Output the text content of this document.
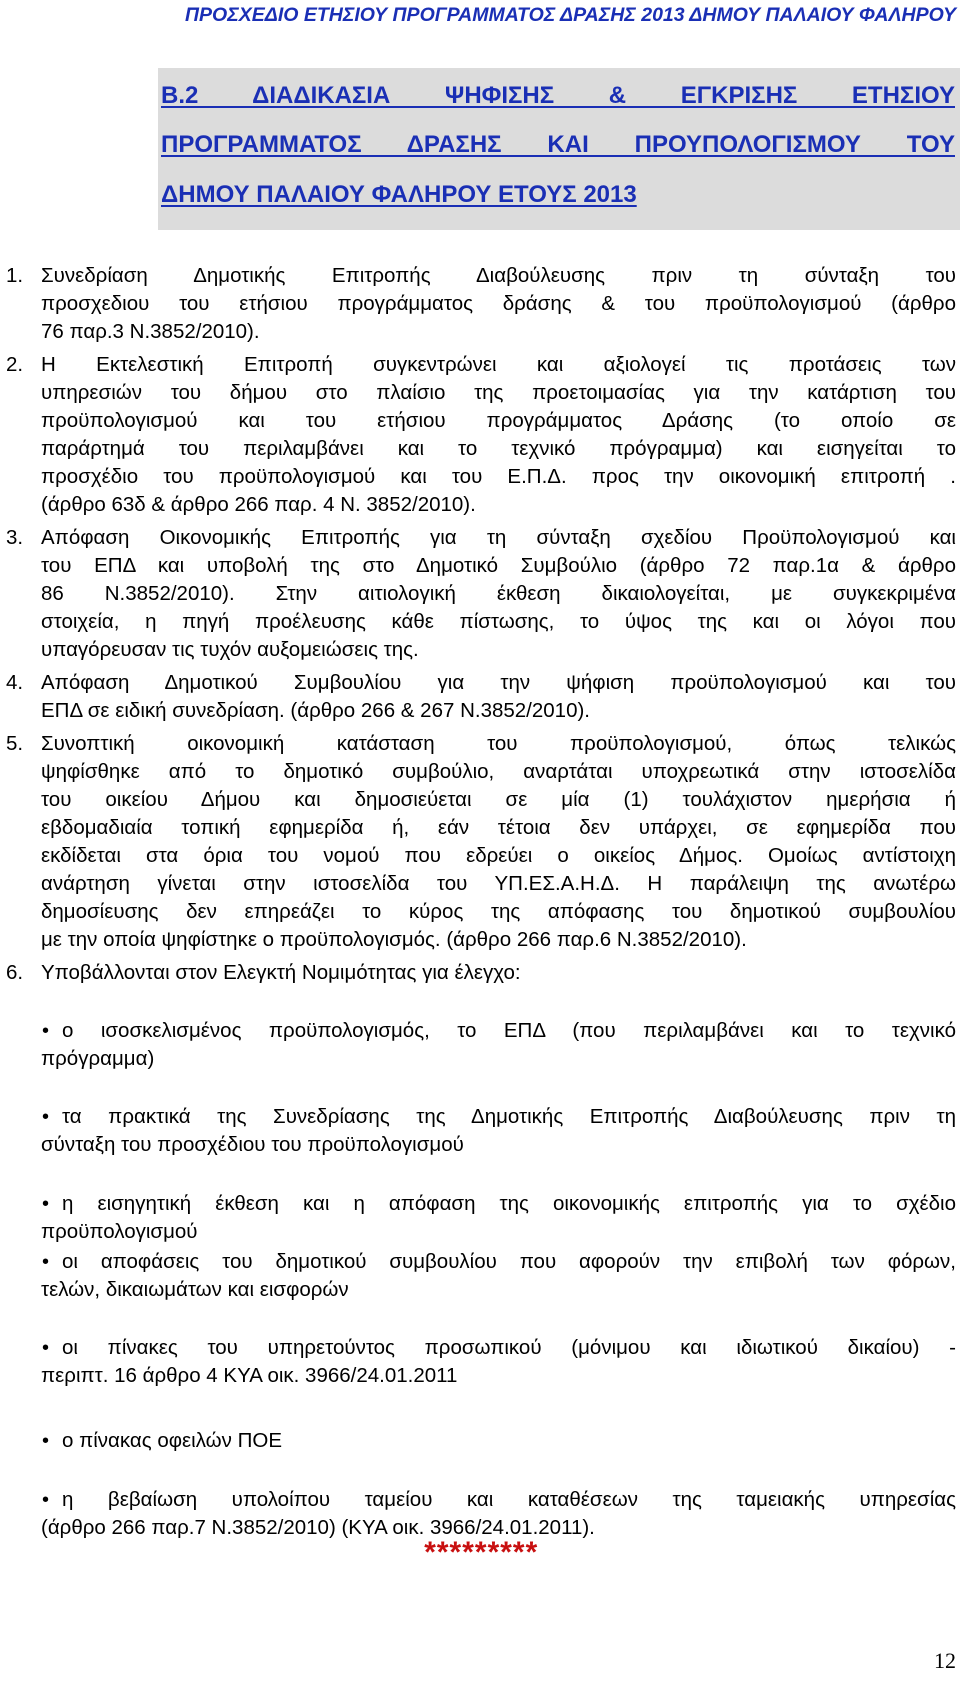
ΠΡΟΣΧΕΔΙΟ ΕΤΗΣΙΟΥ ΠΡΟΓΡΑΜΜΑΤΟΣ ΔΡΑΣΗΣ 2013 ΔΗΜΟΥ ΠΑΛΑΙΟΥ ΦΑΛΗΡΟΥ
Β.2 ΔΙΑΔΙΚΑΣΙΑ ΨΗΦΙΣΗΣ & ΕΓΚΡΙΣΗΣ ΕΤΗΣΙΟΥ
ΠΡΟΓΡΑΜΜΑΤΟΣ ΔΡΑΣΗΣ ΚΑΙ ΠΡΟΥΠΟΛΟΓΙΣΜΟΥ ΤΟΥ
ΔΗΜΟΥ ΠΑΛΑΙΟΥ ΦΑΛΗΡΟΥ ΕΤΟΥΣ 2013
1. Συνεδρίαση Δημοτικής Επιτροπής Διαβούλευσης πριν τη σύνταξη του
προσχεδιου του ετήσιου προγράμματος δράσης & του προϋπολογισμού (άρθρο
76 παρ.3 Ν.3852/2010).
2. Η Εκτελεστική Επιτροπή συγκεντρώνει και αξιολογεί τις προτάσεις των
υπηρεσιών του δήμου στο πλαίσιο της προετοιμασίας για την κατάρτιση του
προϋπολογισμού και του ετήσιου προγράμματος Δράσης (το οποίο σε
παράρτημά του περιλαμβάνει και το τεχνικό πρόγραμμα) και εισηγείται το
προσχέδιο του προϋπολογισμού και του Ε.Π.Δ. προς την οικονομική επιτροπή .
(άρθρο 63δ & άρθρο 266 παρ. 4 Ν. 3852/2010).
3. Απόφαση Οικονομικής Επιτροπής για τη σύνταξη σχεδίου Προϋπολογισμού και
του ΕΠΔ και υποβολή της στο Δημοτικό Συμβούλιο (άρθρο 72 παρ.1α & άρθρο
86 Ν.3852/2010). Στην αιτιολογική έκθεση δικαιολογείται, με συγκεκριμένα
στοιχεία, η πηγή προέλευσης κάθε πίστωσης, το ύψος της και οι λόγοι που
υπαγόρευσαν τις τυχόν αυξομειώσεις της.
4. Απόφαση Δημοτικού Συμβουλίου για την ψήφιση προϋπολογισμού και του
ΕΠΔ σε ειδική συνεδρίαση. (άρθρο 266 & 267 Ν.3852/2010).
5. Συνοπτική οικονομική κατάσταση του προϋπολογισμού, όπως τελικώς
ψηφίσθηκε από το δημοτικό συμβούλιο, αναρτάται υποχρεωτικά στην ιστοσελίδα
του οικείου Δήμου και δημοσιεύεται σε μία (1) τουλάχιστον ημερήσια ή
εβδομαδιαία τοπική εφημερίδα ή, εάν τέτοια δεν υπάρχει, σε εφημερίδα που
εκδίδεται στα όρια του νομού που εδρεύει ο οικείος Δήμος. Ομοίως αντίστοιχη
ανάρτηση γίνεται στην ιστοσελίδα του ΥΠ.ΕΣ.Α.Η.Δ. Η παράλειψη της ανωτέρω
δημοσίευσης δεν επηρεάζει το κύρος της απόφασης του δημοτικού συμβουλίου
με την οποία ψηφίστηκε ο προϋπολογισμός. (άρθρο 266 παρ.6 Ν.3852/2010).
6. Υποβάλλονται στον Ελεγκτή Νομιμότητας για έλεγχο:
• ο ισοσκελισμένος προϋπολογισμός, το ΕΠΔ (που περιλαμβάνει και το τεχνικό
πρόγραμμα)
• τα πρακτικά της Συνεδρίασης της Δημοτικής Επιτροπής Διαβούλευσης πριν τη
σύνταξη του προσχέδιου του προϋπολογισμού
• η εισηγητική έκθεση και η απόφαση της οικονομικής επιτροπής για το σχέδιο
προϋπολογισμού
• οι αποφάσεις του δημοτικού συμβουλίου που αφορούν την επιβολή των φόρων,
τελών, δικαιωμάτων και εισφορών
• οι πίνακες του υπηρετούντος προσωπικού (μόνιμου και ιδιωτικού δικαίου) -
περιπτ. 16 άρθρο 4 ΚΥΑ οικ. 3966/24.01.2011
• ο πίνακας οφειλών ΠΟΕ
• η βεβαίωση υπολοίπου ταμείου και καταθέσεων της ταμειακής υπηρεσίας
(άρθρο 266 παρ.7 Ν.3852/2010) (ΚΥΑ οικ. 3966/24.01.2011).
*********
12
